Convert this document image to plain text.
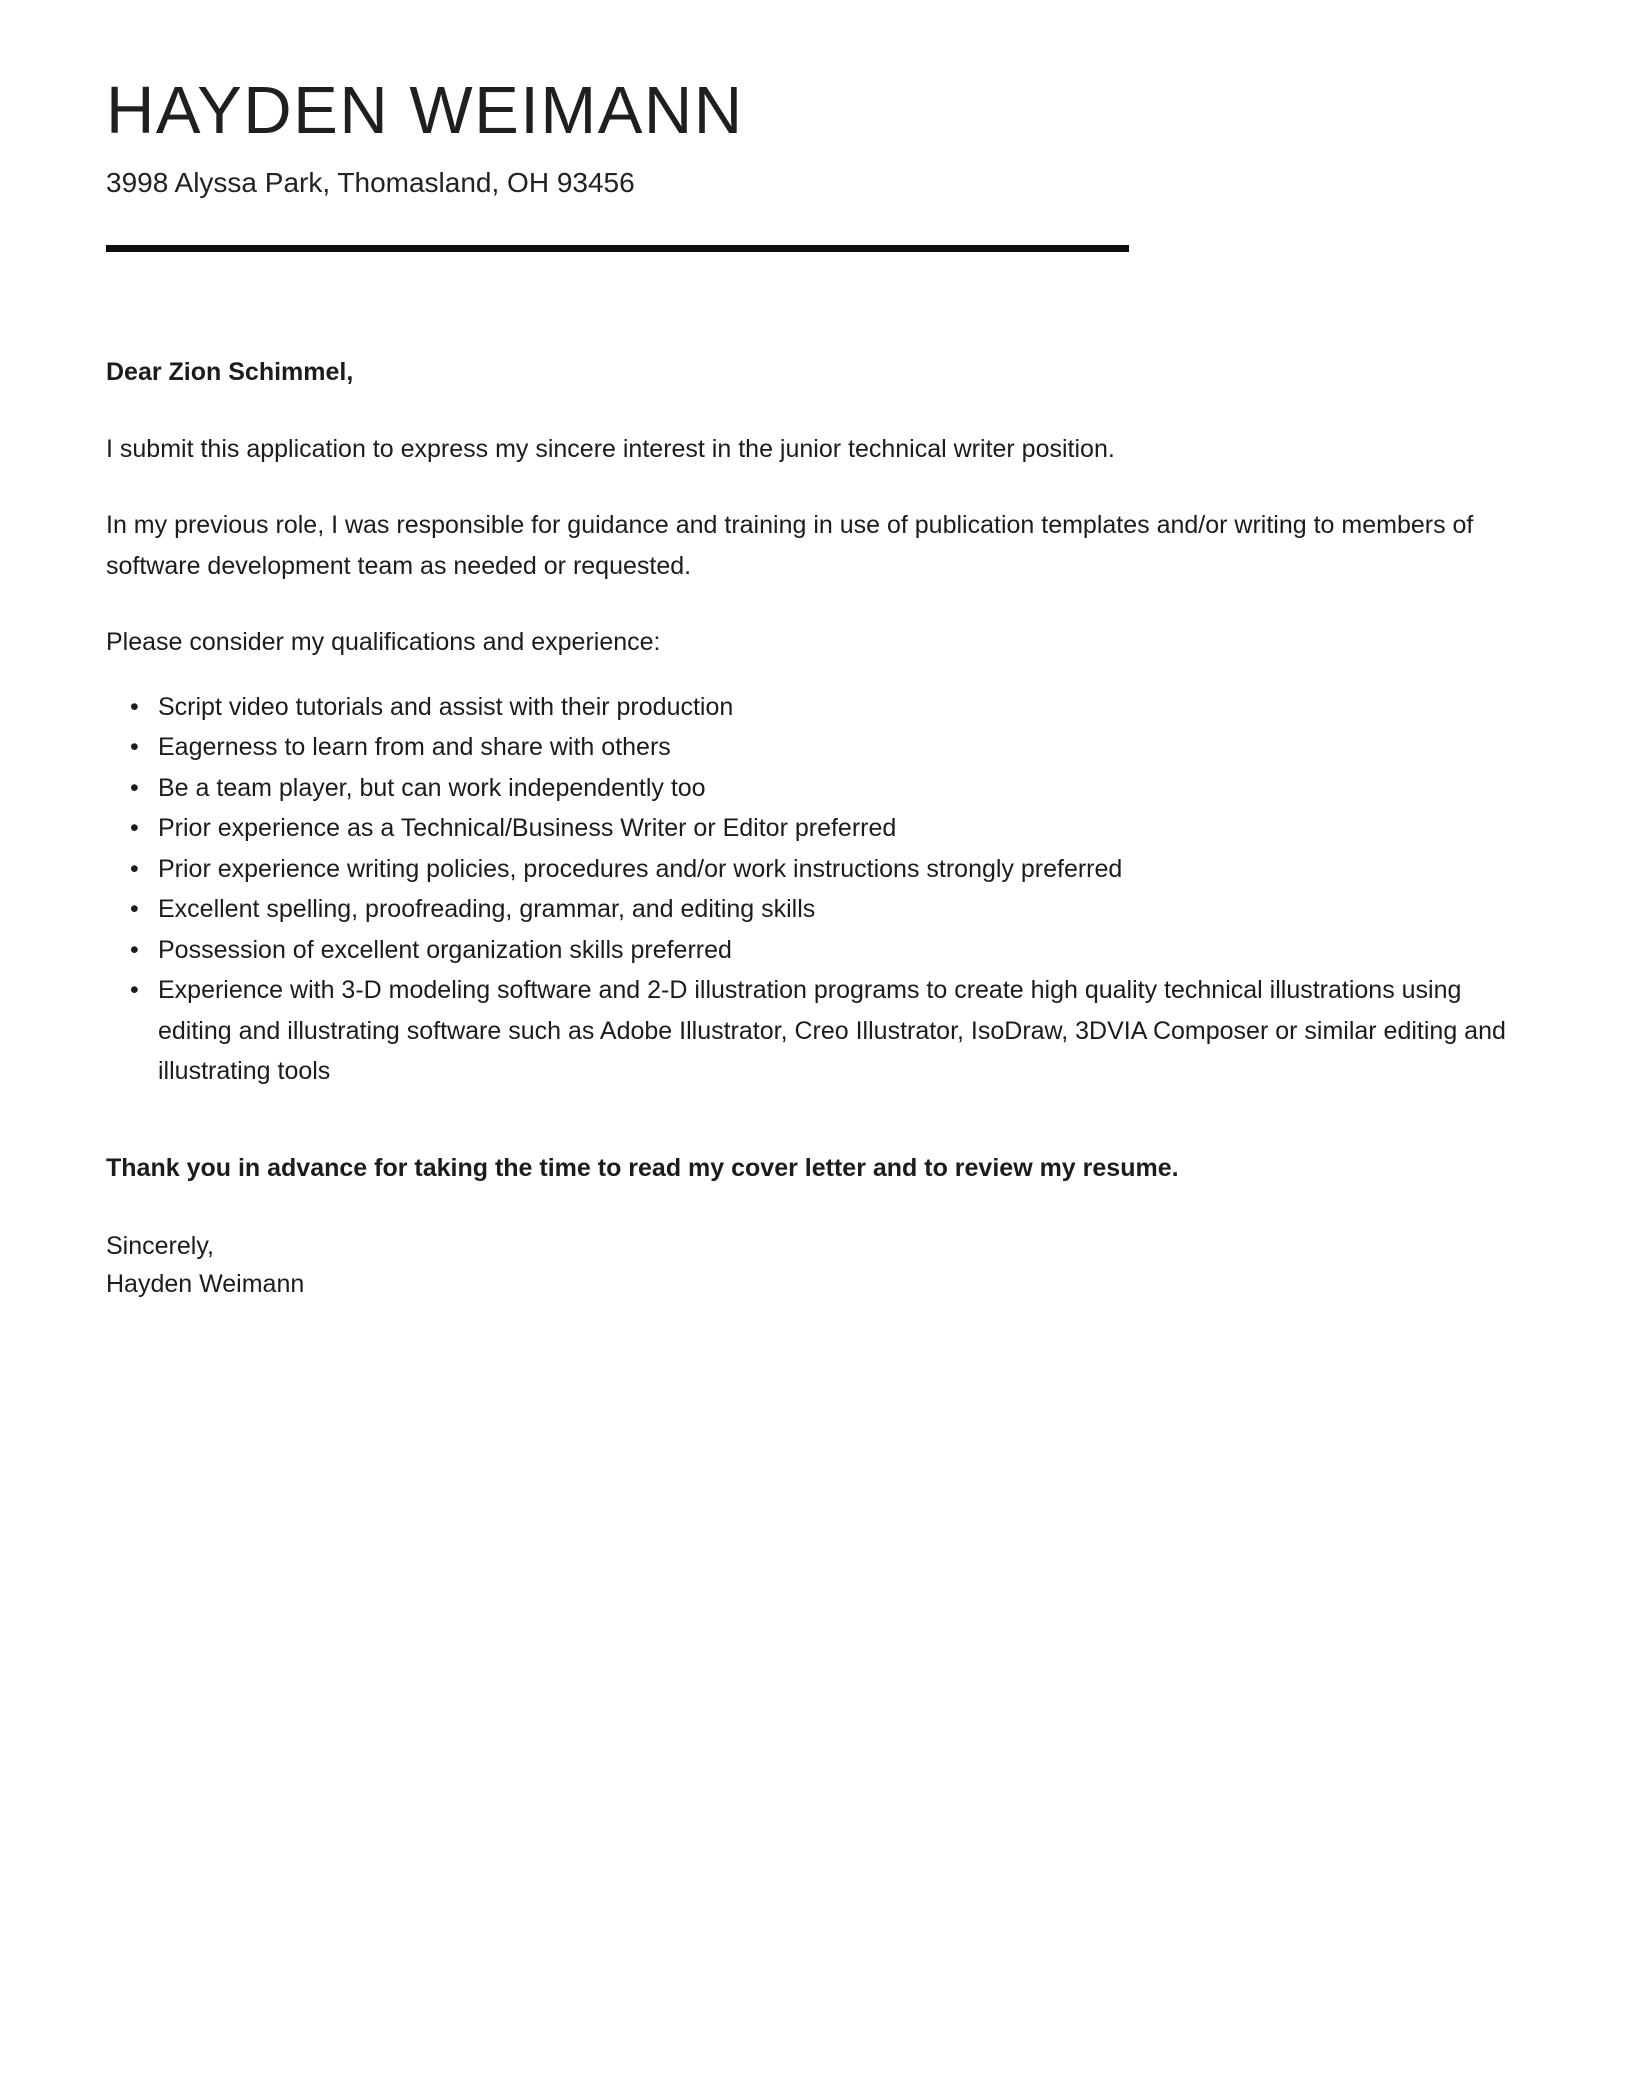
HAYDEN WEIMANN
3998 Alyssa Park, Thomasland, OH 93456
Dear Zion Schimmel,
I submit this application to express my sincere interest in the junior technical writer position.
In my previous role, I was responsible for guidance and training in use of publication templates and/or writing to members of software development team as needed or requested.
Please consider my qualifications and experience:
• Script video tutorials and assist with their production
• Eagerness to learn from and share with others
• Be a team player, but can work independently too
• Prior experience as a Technical/Business Writer or Editor preferred
• Prior experience writing policies, procedures and/or work instructions strongly preferred
• Excellent spelling, proofreading, grammar, and editing skills
• Possession of excellent organization skills preferred
• Experience with 3-D modeling software and 2-D illustration programs to create high quality technical illustrations using editing and illustrating software such as Adobe Illustrator, Creo Illustrator, IsoDraw, 3DVIA Composer or similar editing and illustrating tools
Thank you in advance for taking the time to read my cover letter and to review my resume.
Sincerely,
Hayden Weimann
